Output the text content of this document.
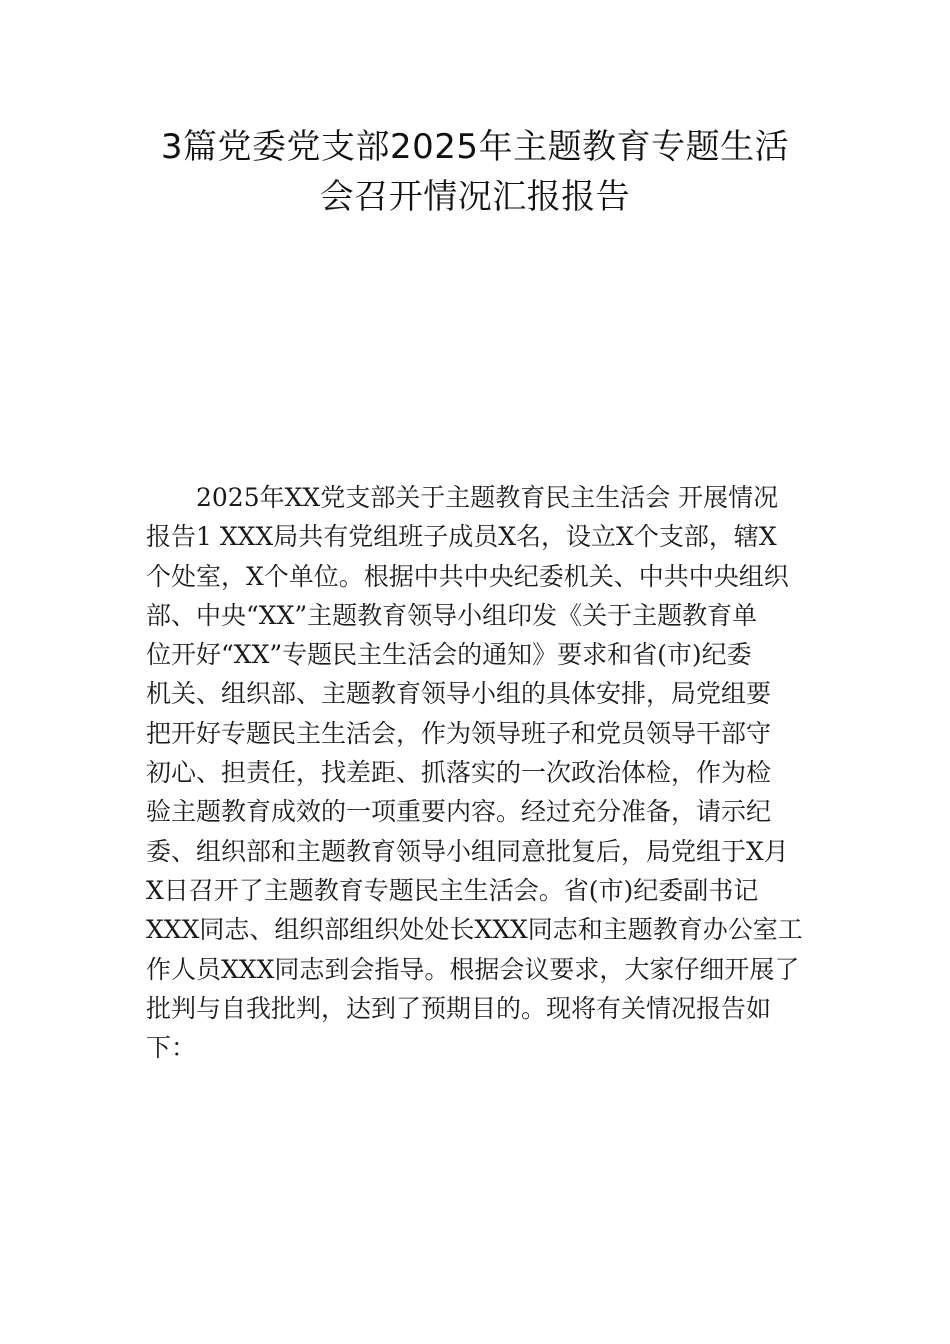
3篇党委党支部2025年主题教育专题生活
会召开情况汇报报告
2025年XX党支部关于主题教育民主生活会 开展情况
报告1 XXX局共有党组班子成员X名，设立X个支部，辖X
个处室，X个单位。根据中共中央纪委机关、中共中央组织
部、中央“XX”主题教育领导小组印发《关于主题教育单
位开好“XX”专题民主生活会的通知》要求和省(市)纪委
机关、组织部、主题教育领导小组的具体安排，局党组要
把开好专题民主生活会，作为领导班子和党员领导干部守
初心、担责任，找差距、抓落实的一次政治体检，作为检
验主题教育成效的一项重要内容。经过充分准备，请示纪
委、组织部和主题教育领导小组同意批复后，局党组于X月
X日召开了主题教育专题民主生活会。省(市)纪委副书记
XXX同志、组织部组织处处长XXX同志和主题教育办公室工
作人员XXX同志到会指导。根据会议要求，大家仔细开展了
批判与自我批判，达到了预期目的。现将有关情况报告如
下：
